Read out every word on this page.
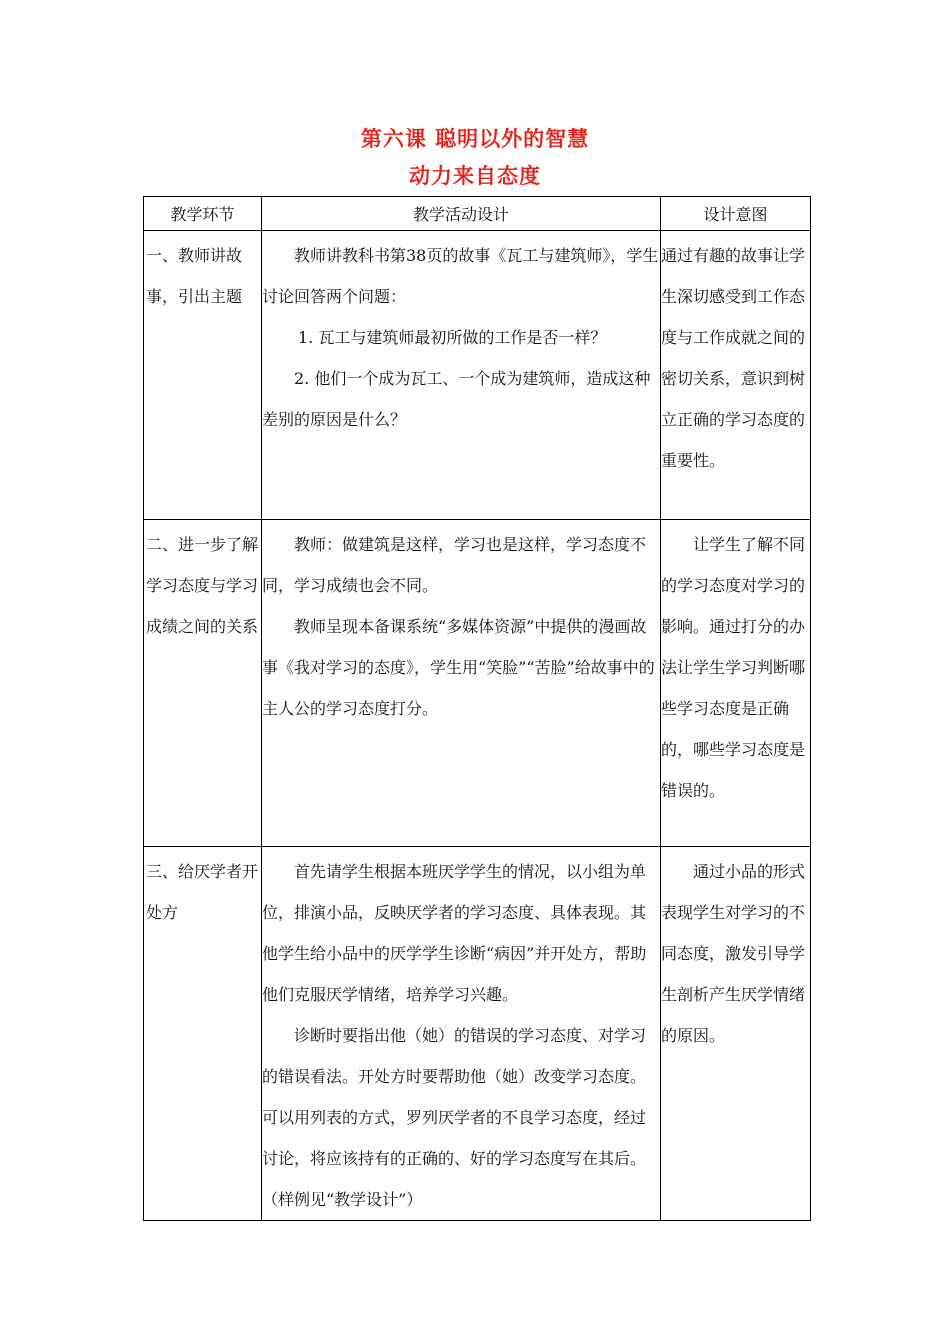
第六课 聪明以外的智慧
动力来自态度
教学环节	教学活动设计	设计意图

一、教师讲故事，引出主题	教师讲教科书第38页的故事《瓦工与建筑师》，学生讨论回答两个问题：
1. 瓦工与建筑师最初所做的工作是否一样？
2. 他们一个成为瓦工、一个成为建筑师，造成这种差别的原因是什么？	通过有趣的故事让学生深切感受到工作态度与工作成就之间的密切关系，意识到树立正确的学习态度的重要性。

二、进一步了解学习态度与学习成绩之间的关系	教师：做建筑是这样，学习也是这样，学习态度不同，学习成绩也会不同。
教师呈现本备课系统“多媒体资源”中提供的漫画故事《我对学习的态度》，学生用“笑脸”“苦脸”给故事中的主人公的学习态度打分。	让学生了解不同的学习态度对学习的影响。通过打分的办法让学生学习判断哪些学习态度是正确的，哪些学习态度是错误的。

三、给厌学者开处方	首先请学生根据本班厌学学生的情况，以小组为单位，排演小品，反映厌学者的学习态度、具体表现。其他学生给小品中的厌学学生诊断“病因”并开处方，帮助他们克服厌学情绪，培养学习兴趣。
诊断时要指出他（她）的错误的学习态度、对学习的错误看法。开处方时要帮助他（她）改变学习态度。可以用列表的方式，罗列厌学者的不良学习态度，经过讨论，将应该持有的正确的、好的学习态度写在其后。（样例见“教学设计”）	通过小品的形式表现学生对学习的不同态度，激发引导学生剖析产生厌学情绪的原因。
